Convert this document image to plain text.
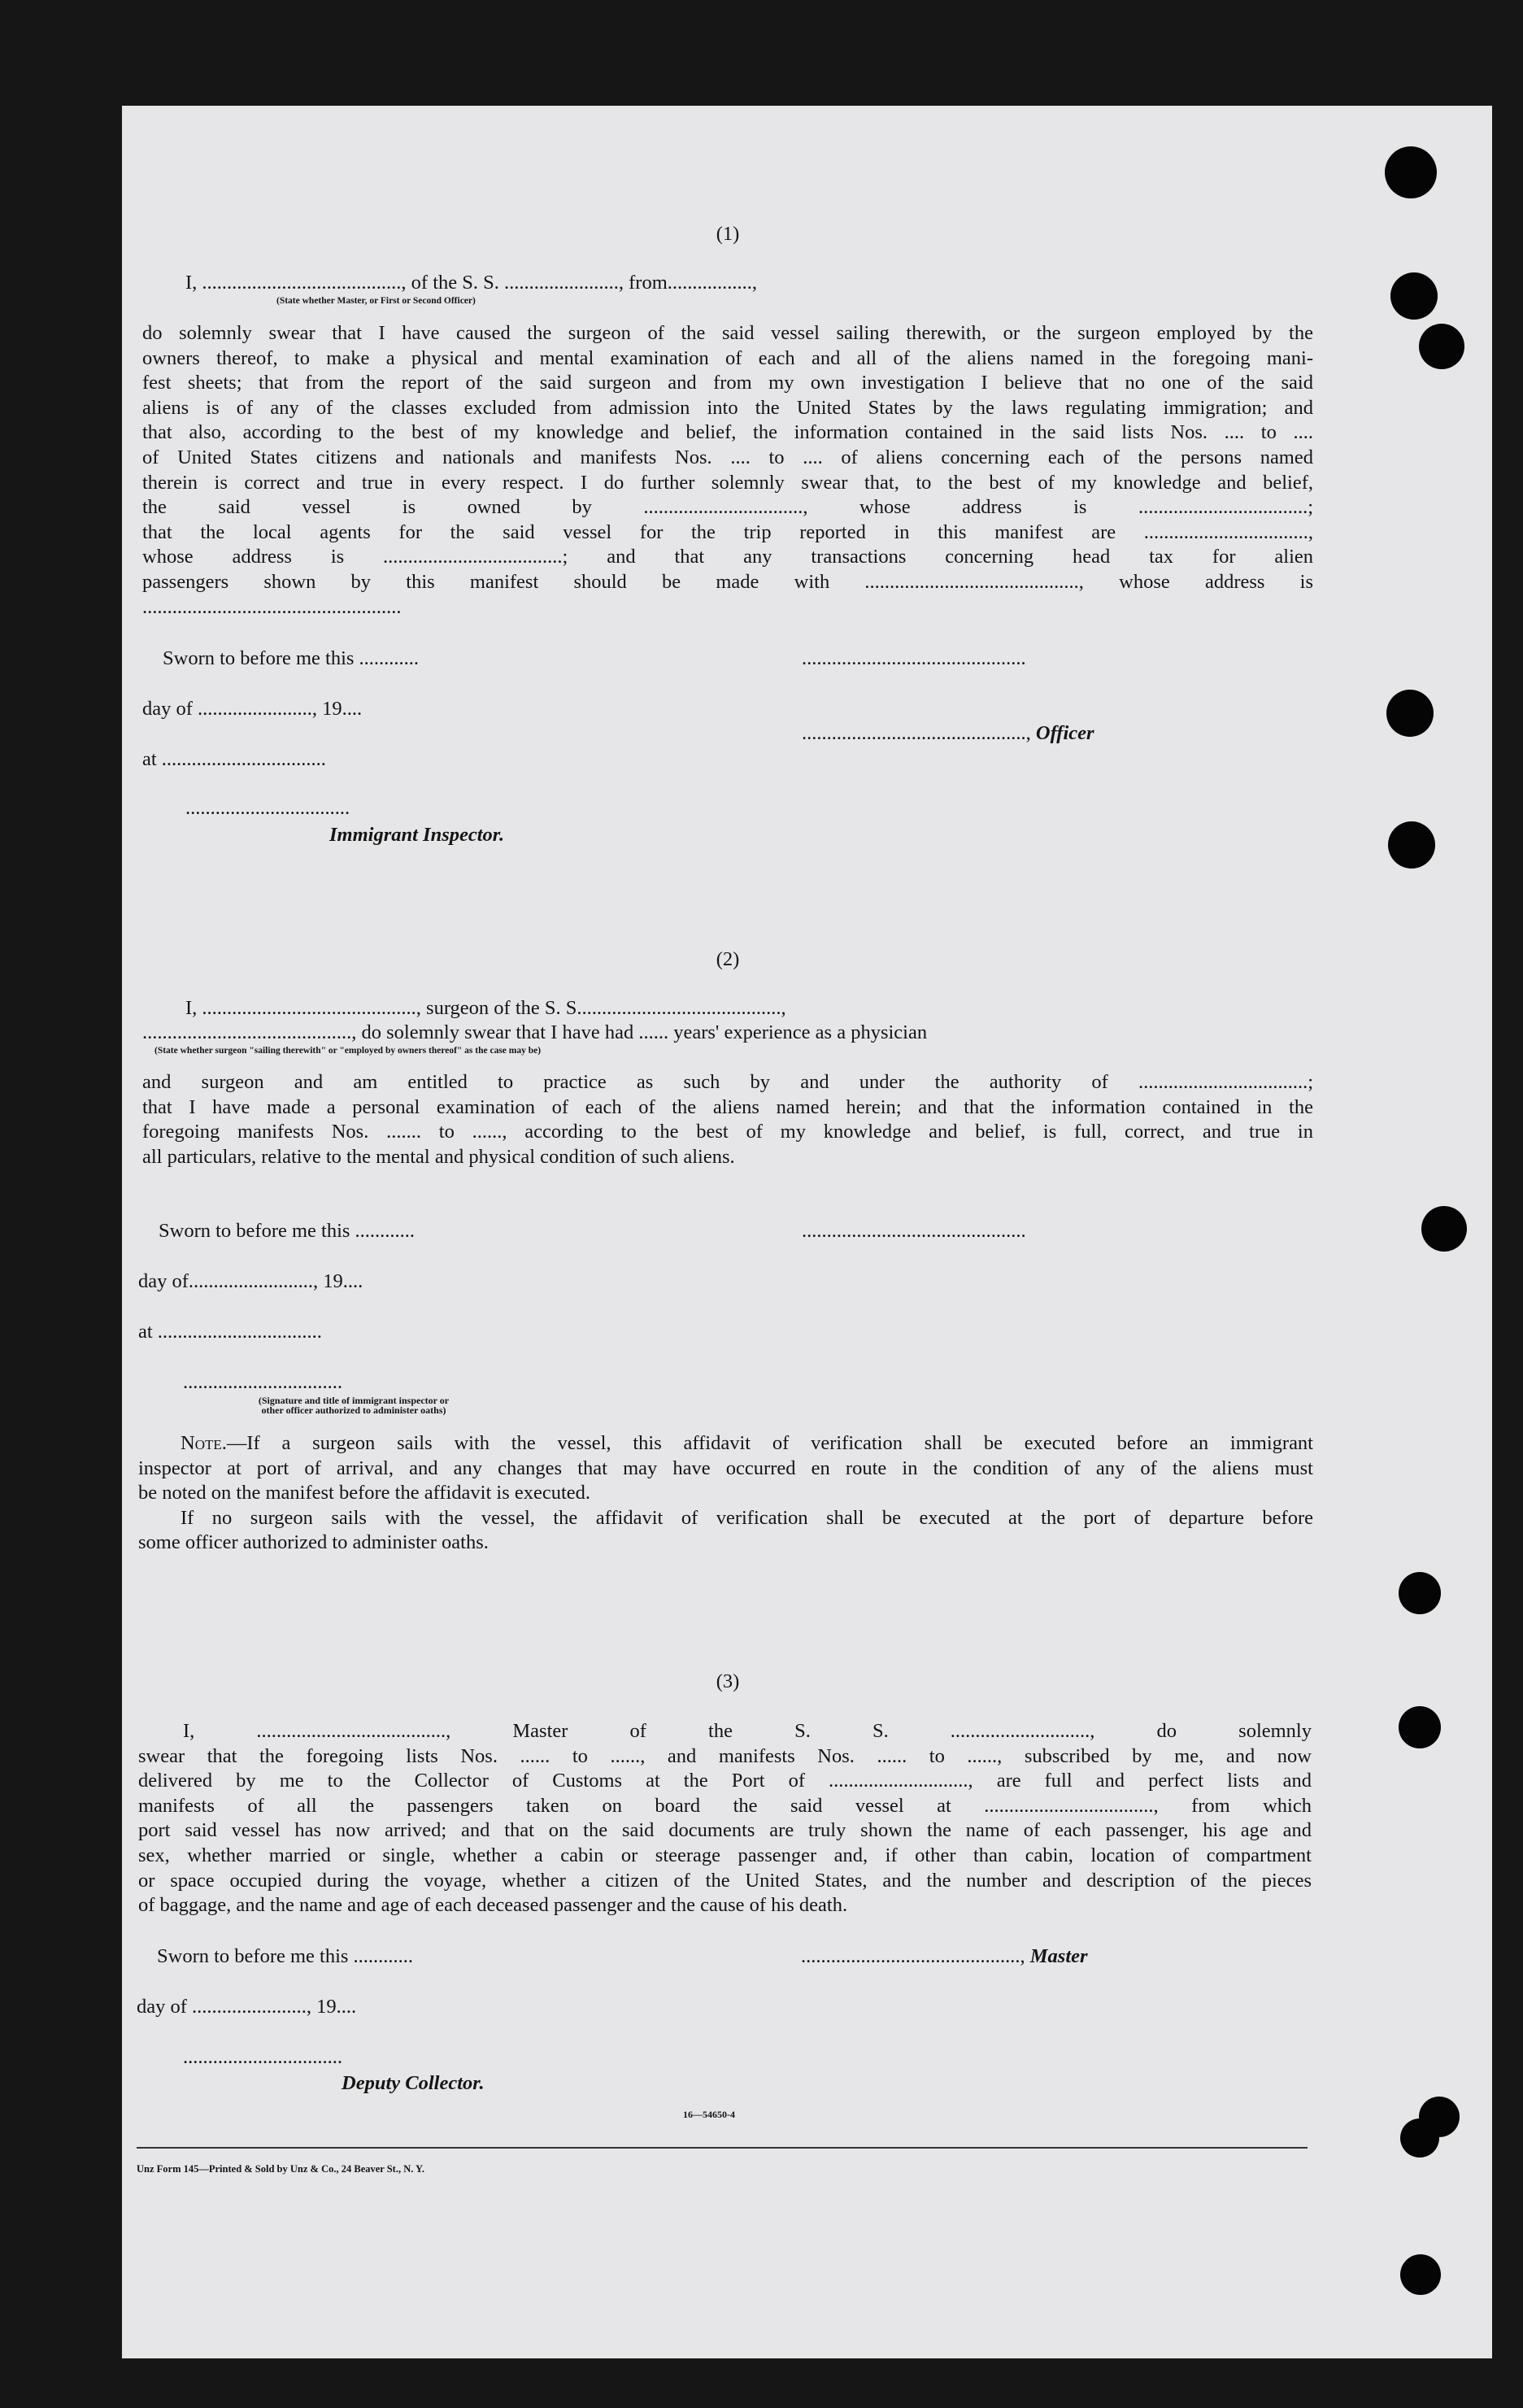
(1)
I, ........................................, of the S. S. ......................., from.................,
(State whether Master, or First or Second Officer)
do solemnly swear that I have caused the surgeon of the said vessel sailing therewith, or the surgeon employed by the
owners thereof, to make a physical and mental examination of each and all of the aliens named in the foregoing mani-
fest sheets; that from the report of the said surgeon and from my own investigation I believe that no one of the said
aliens is of any of the classes excluded from admission into the United States by the laws regulating immigration; and
that also, according to the best of my knowledge and belief, the information contained in the said lists Nos. .... to ....
of United States citizens and nationals and manifests Nos. .... to .... of aliens concerning each of the persons named
therein is correct and true in every respect. I do further solemnly swear that, to the best of my knowledge and belief,
the said vessel is owned by ................................, whose address is ..................................;
that the local agents for the said vessel for the trip reported in this manifest are .................................,
whose address is ....................................; and that any transactions concerning head tax for alien
passengers shown by this manifest should be made with ..........................................., whose address is
....................................................
Sworn to before me this ............	.............................................
day of ......................., 19....
............................................., Officer
at .................................
.................................
Immigrant Inspector.
(2)
I, ..........................................., surgeon of the S. S.........................................,
.........................................., do solemnly swear that I have had ...... years' experience as a physician
(State whether surgeon "sailing therewith" or "employed by owners thereof" as the case may be)
and surgeon and am entitled to practice as such by and under the authority of ..................................;
that I have made a personal examination of each of the aliens named herein; and that the information contained in the
foregoing manifests Nos. ....... to ......, according to the best of my knowledge and belief, is full, correct, and true in
all particulars, relative to the mental and physical condition of such aliens.
Sworn to before me this ............	.............................................
day of........................., 19....
at .................................
................................
(Signature and title of immigrant inspector or
other officer authorized to administer oaths)
Note.—If a surgeon sails with the vessel, this affidavit of verification shall be executed before an immigrant
inspector at port of arrival, and any changes that may have occurred en route in the condition of any of the aliens must
be noted on the manifest before the affidavit is executed.
If no surgeon sails with the vessel, the affidavit of verification shall be executed at the port of departure before
some officer authorized to administer oaths.
(3)
I, ......................................, Master of the S. S. ............................, do solemnly
swear that the foregoing lists Nos. ...... to ......, and manifests Nos. ...... to ......, subscribed by me, and now
delivered by me to the Collector of Customs at the Port of ............................, are full and perfect lists and
manifests of all the passengers taken on board the said vessel at .................................., from which
port said vessel has now arrived; and that on the said documents are truly shown the name of each passenger, his age and
sex, whether married or single, whether a cabin or steerage passenger and, if other than cabin, location of compartment
or space occupied during the voyage, whether a citizen of the United States, and the number and description of the pieces
of baggage, and the name and age of each deceased passenger and the cause of his death.
Sworn to before me this ............	............................................, Master
day of ......................., 19....
................................
Deputy Collector.
16—54650-4
Unz Form 145—Printed & Sold by Unz & Co., 24 Beaver St., N. Y.
